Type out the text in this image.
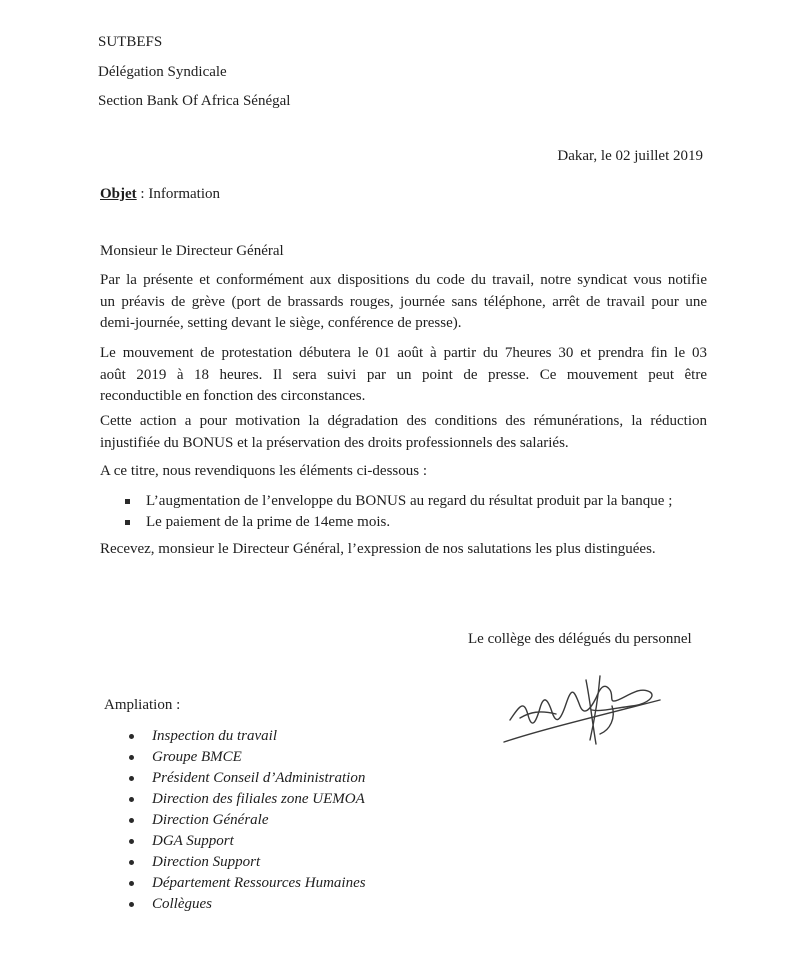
SUTBEFS
Délégation Syndicale
Section Bank Of Africa Sénégal
Dakar, le 02 juillet 2019
Objet : Information
Monsieur le Directeur Général
Par la présente et conformément aux dispositions du code du travail, notre syndicat vous notifie
un préavis de grève (port de brassards rouges, journée sans téléphone, arrêt de travail pour une
demi-journée, setting devant le siège, conférence de presse).
Le mouvement de protestation débutera le 01 août à partir du 7heures 30 et prendra fin le 03
août 2019 à 18 heures. Il sera suivi par un point de presse. Ce mouvement peut être
reconductible en fonction des circonstances.
Cette action a pour motivation la dégradation des conditions des rémunérations, la réduction
injustifiée du BONUS et la préservation des droits professionnels des salariés.
A ce titre, nous revendiquons les éléments ci-dessous :
L’augmentation de l’enveloppe du BONUS au regard du résultat produit par la banque ;
Le paiement de la prime de 14eme mois.
Recevez, monsieur le Directeur Général, l’expression de nos salutations les plus distinguées.
Le collège des délégués du personnel
Ampliation :
Inspection du travail
Groupe BMCE
Président Conseil d’Administration
Direction des filiales zone UEMOA
Direction Générale
DGA Support
Direction Support
Département Ressources Humaines
Collègues
